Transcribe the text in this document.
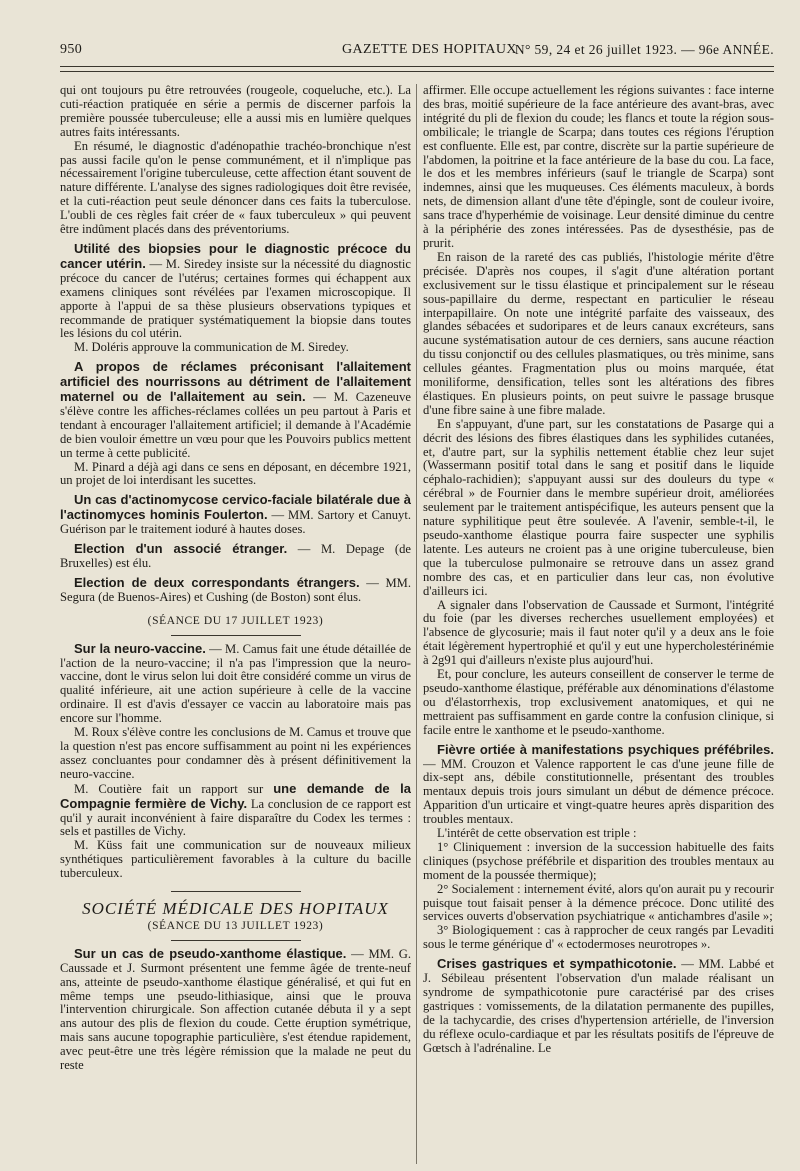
950	GAZETTE DES HOPITAUX
N° 59, 24 et 26 juillet 1923. — 96e ANNÉE.

qui ont toujours pu être retrouvées (rougeole, coqueluche, etc.). La cuti-réaction pratiquée en série a permis de discerner parfois la première poussée tuberculeuse; elle a aussi mis en lumière quelques autres faits intéressants.

En résumé, le diagnostic d'adénopathie trachéo-bronchique n'est pas aussi facile qu'on le pense communément, et il n'implique pas nécessairement l'origine tuberculeuse, cette affection étant souvent de nature différente. L'analyse des signes radiologiques doit être revisée, et la cuti-réaction peut seule dénoncer dans ces faits la tuberculose. L'oubli de ces règles fait créer de « faux tuberculeux » qui peuvent être indûment placés dans des préventoriums.

Utilité des biopsies pour le diagnostic précoce du cancer utérin. — M. Siredey insiste sur la nécessité du diagnostic précoce du cancer de l'utérus; certaines formes qui échappent aux examens cliniques sont révélées par l'examen microscopique. Il apporte à l'appui de sa thèse plusieurs observations typiques et recommande de pratiquer systématiquement la biopsie dans toutes les lésions du col utérin.

M. Doléris approuve la communication de M. Siredey.

A propos de réclames préconisant l'allaitement artificiel des nourrissons au détriment de l'allaitement maternel ou de l'allaitement au sein. — M. Cazeneuve s'élève contre les affiches-réclames collées un peu partout à Paris et tendant à encourager l'allaitement artificiel; il demande à l'Académie de bien vouloir émettre un vœu pour que les Pouvoirs publics mettent un terme à cette publicité.

M. Pinard a déjà agi dans ce sens en déposant, en décembre 1921, un projet de loi interdisant les sucettes.

Un cas d'actinomycose cervico-faciale bilatérale due à l'actinomyces hominis Foulerton. — MM. Sartory et Canuyt. Guérison par le traitement ioduré à hautes doses.

Election d'un associé étranger. — M. Depage (de Bruxelles) est élu.

Election de deux correspondants étrangers. — MM. Segura (de Buenos-Aires) et Cushing (de Boston) sont élus.

(SÉANCE DU 17 JUILLET 1923)

Sur la neuro-vaccine. — M. Camus fait une étude détaillée de l'action de la neuro-vaccine; il n'a pas l'impression que la neuro-vaccine, dont le virus selon lui doit être considéré comme un virus de qualité inférieure, ait une action supérieure à celle de la vaccine ordinaire. Il est d'avis d'essayer ce vaccin au laboratoire mais pas encore sur l'homme.

M. Roux s'élève contre les conclusions de M. Camus et trouve que la question n'est pas encore suffisamment au point ni les expériences assez concluantes pour condamner dès à présent définitivement la neuro-vaccine.

M. Coutière fait un rapport sur une demande de la Compagnie fermière de Vichy. La conclusion de ce rapport est qu'il y aurait inconvénient à faire disparaître du Codex les termes : sels et pastilles de Vichy.

M. Küss fait une communication sur de nouveaux milieux synthétiques particulièrement favorables à la culture du bacille tuberculeux.

SOCIÉTÉ MÉDICALE DES HOPITAUX
(SÉANCE DU 13 JUILLET 1923)

Sur un cas de pseudo-xanthome élastique. — MM. G. Caussade et J. Surmont présentent une femme âgée de trente-neuf ans, atteinte de pseudo-xanthome élastique généralisé, et qui fut en même temps une pseudo-lithiasique, ainsi que le prouva l'intervention chirurgicale. Son affection cutanée débuta il y a sept ans autour des plis de flexion du coude. Cette éruption symétrique, mais sans aucune topographie particulière, s'est étendue rapidement, avec peut-être une très légère rémission que la malade ne peut du reste

affirmer. Elle occupe actuellement les régions suivantes : face interne des bras, moitié supérieure de la face antérieure des avant-bras, avec intégrité du pli de flexion du coude; les flancs et toute la région sous-ombilicale; le triangle de Scarpa; dans toutes ces régions l'éruption est confluente. Elle est, par contre, discrète sur la partie supérieure de l'abdomen, la poitrine et la face antérieure de la base du cou. La face, le dos et les membres inférieurs (sauf le triangle de Scarpa) sont indemnes, ainsi que les muqueuses. Ces éléments maculeux, à bords nets, de dimension allant d'une tête d'épingle, sont de couleur ivoire, sans trace d'hyperhémie de voisinage. Leur densité diminue du centre à la périphérie des zones intéressées. Pas de dysesthésie, pas de prurit.

En raison de la rareté des cas publiés, l'histologie mérite d'être précisée. D'après nos coupes, il s'agit d'une altération portant exclusivement sur le tissu élastique et principalement sur le réseau sous-papillaire du derme, respectant en particulier le réseau interpapillaire. On note une intégrité parfaite des vaisseaux, des glandes sébacées et sudoripares et de leurs canaux excréteurs, sans aucune systématisation autour de ces derniers, sans aucune réaction du tissu conjonctif ou des cellules plasmatiques, ou très minime, sans cellules géantes. Fragmentation plus ou moins marquée, état moniliforme, densification, telles sont les altérations des fibres élastiques. En plusieurs points, on peut suivre le passage brusque d'une fibre saine à une fibre malade.

En s'appuyant, d'une part, sur les constatations de Pasarge qui a décrit des lésions des fibres élastiques dans les syphilides cutanées, et, d'autre part, sur la syphilis nettement établie chez leur sujet (Wassermann positif total dans le sang et positif dans le liquide céphalo-rachidien); s'appuyant aussi sur des douleurs du type « cérébral » de Fournier dans le membre supérieur droit, améliorées seulement par le traitement antispécifique, les auteurs pensent que la nature syphilitique peut être soulevée. A l'avenir, semble-t-il, le pseudo-xanthome élastique pourra faire suspecter une syphilis latente. Les auteurs ne croient pas à une origine tuberculeuse, bien que la tuberculose pulmonaire se retrouve dans un assez grand nombre des cas, et en particulier dans leur cas, non évolutive d'ailleurs ici.

A signaler dans l'observation de Caussade et Surmont, l'intégrité du foie (par les diverses recherches usuellement employées) et l'absence de glycosurie; mais il faut noter qu'il y a deux ans le foie était légèrement hypertrophié et qu'il y eut une hypercholestérinémie à 2g91 qui d'ailleurs n'existe plus aujourd'hui.

Et, pour conclure, les auteurs conseillent de conserver le terme de pseudo-xanthome élastique, préférable aux dénominations d'élastome ou d'élastorrhexis, trop exclusivement anatomiques, et qui ne mettraient pas suffisamment en garde contre la confusion clinique, si facile entre le xanthome et le pseudo-xanthome.

Fièvre ortiée à manifestations psychiques préfébriles. — MM. Crouzon et Valence rapportent le cas d'une jeune fille de dix-sept ans, débile constitutionnelle, présentant des troubles mentaux depuis trois jours simulant un début de démence précoce. Apparition d'un urticaire et vingt-quatre heures après disparition des troubles mentaux.

L'intérêt de cette observation est triple :

1° Cliniquement : inversion de la succession habituelle des faits cliniques (psychose préfébrile et disparition des troubles mentaux au moment de la poussée thermique);

2° Socialement : internement évité, alors qu'on aurait pu y recourir puisque tout faisait penser à la démence précoce. Donc utilité des services ouverts d'observation psychiatrique « antichambres d'asile »;

3° Biologiquement : cas à rapprocher de ceux rangés par Levaditi sous le terme générique d' « ectodermoses neurotropes ».

Crises gastriques et sympathicotonie. — MM. Labbé et J. Sébileau présentent l'observation d'un malade réalisant un syndrome de sympathicotonie pure caractérisé par des crises gastriques : vomissements, de la dilatation permanente des pupilles, de la tachycardie, des crises d'hypertension artérielle, de l'inversion du réflexe oculo-cardiaque et par les résultats positifs de l'épreuve de Gœtsch à l'adrénaline. Le
